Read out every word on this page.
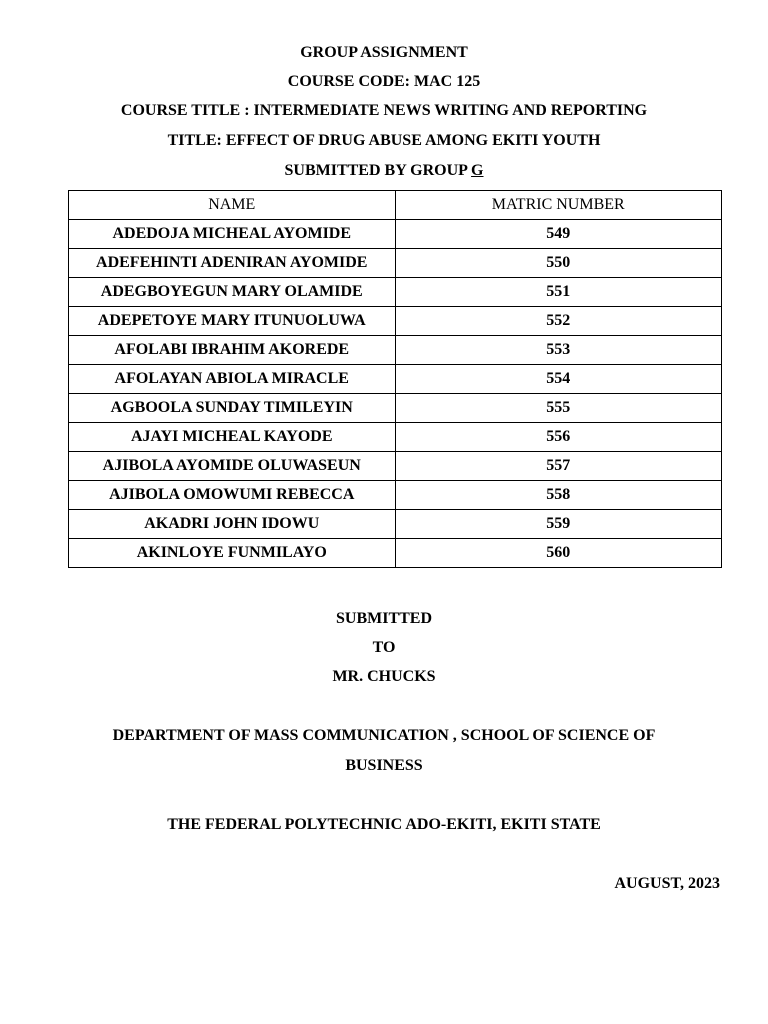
GROUP ASSIGNMENT
COURSE CODE: MAC 125
COURSE TITLE : INTERMEDIATE NEWS WRITING AND REPORTING
TITLE: EFFECT OF DRUG ABUSE AMONG EKITI YOUTH
SUBMITTED BY GROUP G
NAME	MATRIC NUMBER
ADEDOJA MICHEAL AYOMIDE	549
ADEFEHINTI ADENIRAN AYOMIDE	550
ADEGBOYEGUN MARY OLAMIDE	551
ADEPETOYE MARY ITUNUOLUWA	552
AFOLABI IBRAHIM AKOREDE	553
AFOLAYAN ABIOLA MIRACLE	554
AGBOOLA SUNDAY TIMILEYIN	555
AJAYI MICHEAL KAYODE	556
AJIBOLA AYOMIDE OLUWASEUN	557
AJIBOLA OMOWUMI REBECCA	558
AKADRI JOHN IDOWU	559
AKINLOYE FUNMILAYO	560
SUBMITTED
TO
MR. CHUCKS
DEPARTMENT OF MASS COMMUNICATION , SCHOOL OF SCIENCE OF
BUSINESS
THE FEDERAL POLYTECHNIC ADO-EKITI, EKITI STATE
AUGUST, 2023
